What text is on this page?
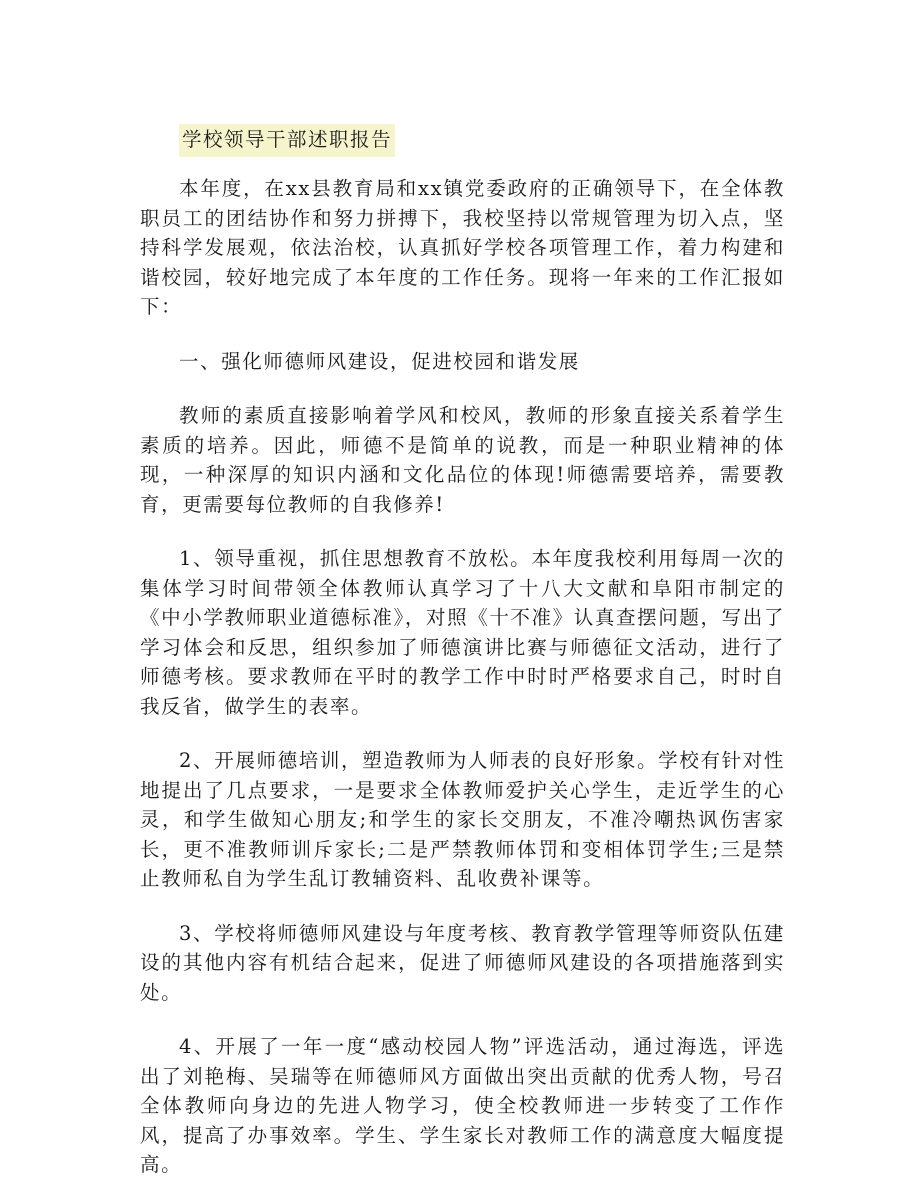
学校领导干部述职报告

本年度，在xx县教育局和xx镇党委政府的正确领导下，在全体教职员工的团结协作和努力拼搏下，我校坚持以常规管理为切入点，坚持科学发展观，依法治校，认真抓好学校各项管理工作，着力构建和谐校园，较好地完成了本年度的工作任务。现将一年来的工作汇报如下：

一、强化师德师风建设，促进校园和谐发展

教师的素质直接影响着学风和校风，教师的形象直接关系着学生素质的培养。因此，师德不是简单的说教，而是一种职业精神的体现，一种深厚的知识内涵和文化品位的体现!师德需要培养，需要教育，更需要每位教师的自我修养!

1、领导重视，抓住思想教育不放松。本年度我校利用每周一次的集体学习时间带领全体教师认真学习了十八大文献和阜阳市制定的《中小学教师职业道德标准》，对照《十不准》认真查摆问题，写出了学习体会和反思，组织参加了师德演讲比赛与师德征文活动，进行了师德考核。要求教师在平时的教学工作中时时严格要求自己，时时自我反省，做学生的表率。

2、开展师德培训，塑造教师为人师表的良好形象。学校有针对性地提出了几点要求，一是要求全体教师爱护关心学生，走近学生的心灵，和学生做知心朋友;和学生的家长交朋友，不准冷嘲热讽伤害家长，更不准教师训斥家长;二是严禁教师体罚和变相体罚学生;三是禁止教师私自为学生乱订教辅资料、乱收费补课等。

3、学校将师德师风建设与年度考核、教育教学管理等师资队伍建设的其他内容有机结合起来，促进了师德师风建设的各项措施落到实处。

4、开展了一年一度“感动校园人物”评选活动，通过海选，评选出了刘艳梅、吴瑞等在师德师风方面做出突出贡献的优秀人物，号召全体教师向身边的先进人物学习，使全校教师进一步转变了工作作风，提高了办事效率。学生、学生家长对教师工作的满意度大幅度提高。
